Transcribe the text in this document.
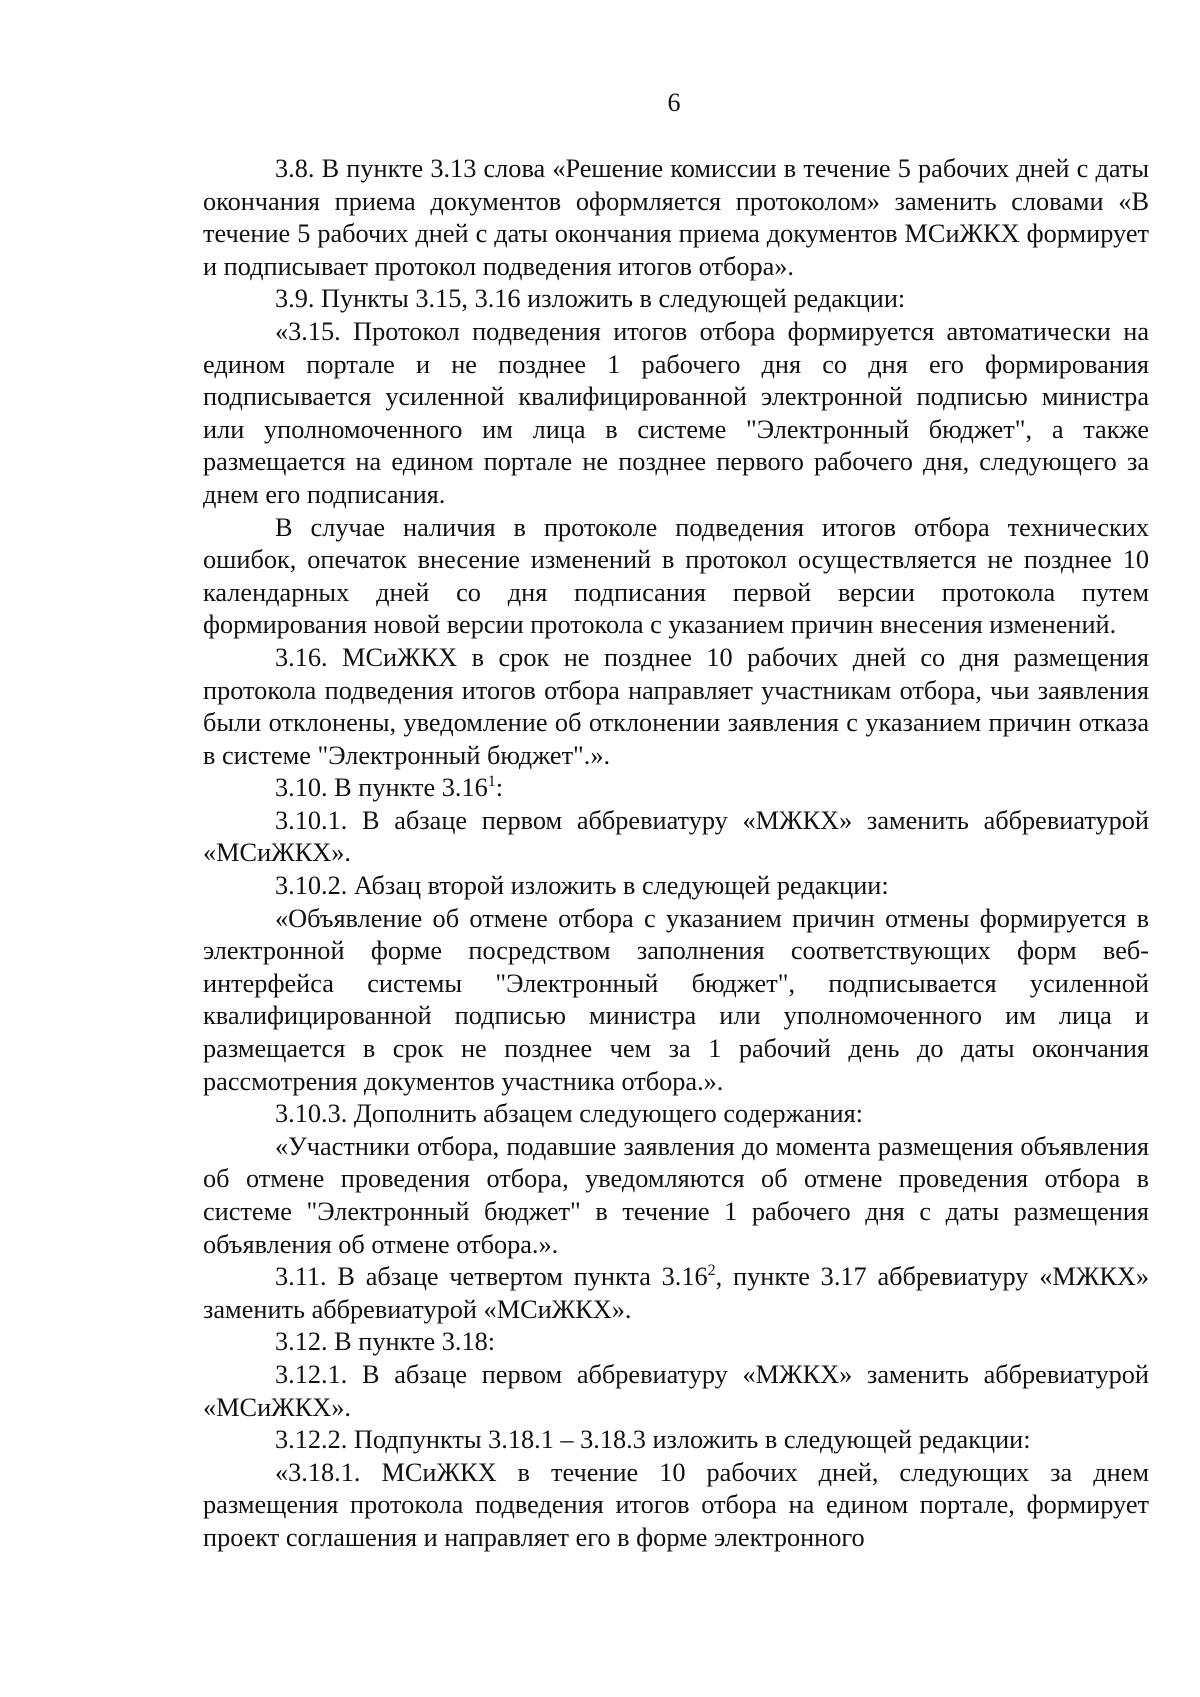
6

3.8. В пункте 3.13 слова «Решение комиссии в течение 5 рабочих дней с даты окончания приема документов оформляется протоколом» заменить словами «В течение 5 рабочих дней с даты окончания приема документов МСиЖКХ формирует и подписывает протокол подведения итогов отбора».

3.9. Пункты 3.15, 3.16 изложить в следующей редакции:

«3.15. Протокол подведения итогов отбора формируется автоматически на едином портале и не позднее 1 рабочего дня со дня его формирования подписывается усиленной квалифицированной электронной подписью министра или уполномоченного им лица в системе "Электронный бюджет", а также размещается на едином портале не позднее первого рабочего дня, следующего за днем его подписания.

В случае наличия в протоколе подведения итогов отбора технических ошибок, опечаток внесение изменений в протокол осуществляется не позднее 10 календарных дней со дня подписания первой версии протокола путем формирования новой версии протокола с указанием причин внесения изменений.

3.16. МСиЖКХ в срок не позднее 10 рабочих дней со дня размещения протокола подведения итогов отбора направляет участникам отбора, чьи заявления были отклонены, уведомление об отклонении заявления с указанием причин отказа в системе "Электронный бюджет".».

3.10. В пункте 3.16$^1$:

3.10.1. В абзаце первом аббревиатуру «МЖКХ» заменить аббревиатурой «МСиЖКХ».

3.10.2. Абзац второй изложить в следующей редакции:

«Объявление об отмене отбора с указанием причин отмены формируется в электронной форме посредством заполнения соответствующих форм веб-интерфейса системы "Электронный бюджет", подписывается усиленной квалифицированной подписью министра или уполномоченного им лица и размещается в срок не позднее чем за 1 рабочий день до даты окончания рассмотрения документов участника отбора.».

3.10.3. Дополнить абзацем следующего содержания:

«Участники отбора, подавшие заявления до момента размещения объявления об отмене проведения отбора, уведомляются об отмене проведения отбора в системе "Электронный бюджет" в течение 1 рабочего дня с даты размещения объявления об отмене отбора.».

3.11. В абзаце четвертом пункта 3.16$^2$, пункте 3.17 аббревиатуру «МЖКХ» заменить аббревиатурой «МСиЖКХ».

3.12. В пункте 3.18:

3.12.1. В абзаце первом аббревиатуру «МЖКХ» заменить аббревиатурой «МСиЖКХ».

3.12.2. Подпункты 3.18.1 – 3.18.3 изложить в следующей редакции:

«3.18.1. МСиЖКХ в течение 10 рабочих дней, следующих за днем размещения протокола подведения итогов отбора на едином портале, формирует проект соглашения и направляет его в форме электронного
